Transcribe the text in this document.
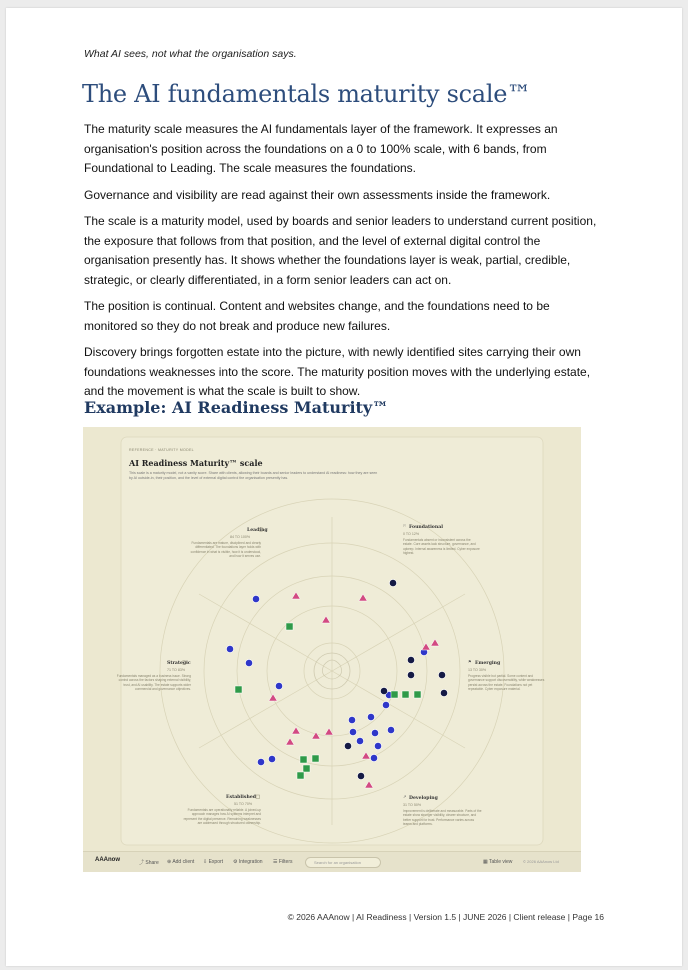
What AI sees, not what the organisation says.
The AI fundamentals maturity scale™

The maturity scale measures the AI fundamentals layer of the framework. It expresses an organisation's position across the foundations on a 0 to 100% scale, with 6 bands, from Foundational to Leading. The scale measures the foundations.

Governance and visibility are read against their own assessments inside the framework.

The scale is a maturity model, used by boards and senior leaders to understand current position, the exposure that follows from that position, and the level of external digital control the organisation presently has. It shows whether the foundations layer is weak, partial, credible, strategic, or clearly differentiated, in a form senior leaders can act on.

The position is continual. Content and websites change, and the foundations need to be monitored so they do not break and produce new failures.

Discovery brings forgotten estate into the picture, with newly identified sites carrying their own foundations weaknesses into the score. The maturity position moves with the underlying estate, and the movement is what the scale is built to show.

Example: AI Readiness Maturity™
REFERENCE · MATURITY MODEL
AI Readiness Maturity™ scale
This scale is a maturity model, not a vanity score. Share with clients, allowing their boards and senior leaders to understand AI readiness: how they are seen by AI outside-in, their position, and the level of external digital control the organisation presently has.
Leading
84 TO 100%
Fundamentals are mature, disciplined and clearly differentiated. The foundations layer holds with confidence in what is visible, how it is understood, and how it serves use.
⚐ Foundational
0 TO 12%
Fundamentals absent or inconsistent across the estate. Core assets lack structure, governance, and upkeep. Internal awareness is limited. Cyber exposure highest.
Strategic
71 TO 83%
Fundamentals managed as a business issue. Strong control across the factors shaping external visibility, trust, and AI usability. The estate supports wider commercial and governance objectives.
⚑ Emerging
13 TO 30%
Progress visible but partial. Some content and governance support discoverability, while weaknesses persist across the estate. Foundations not yet repeatable. Cyber exposure material.
Established
51 TO 70%
Fundamentals are operationally reliable. A joined-up approach manages how AI systems interpret and represent the digital presence. Remaining weaknesses are addressed through structured ownership.
↗ Developing
31 TO 50%
Improvement is deliberate and measurable. Parts of the estate show stronger visibility, clearer structure, and better support for trust. Performance varies across teams and platforms.
AAAnow	⤴ Share ⊕ Add client ⇩ Export ⚙ Integration ☰ Filters	Search for an organisation	▦ Table view	© 2026 AAAnow Ltd
© 2026 AAAnow | AI Readiness | Version 1.5 | JUNE 2026 | Client release | Page 16
